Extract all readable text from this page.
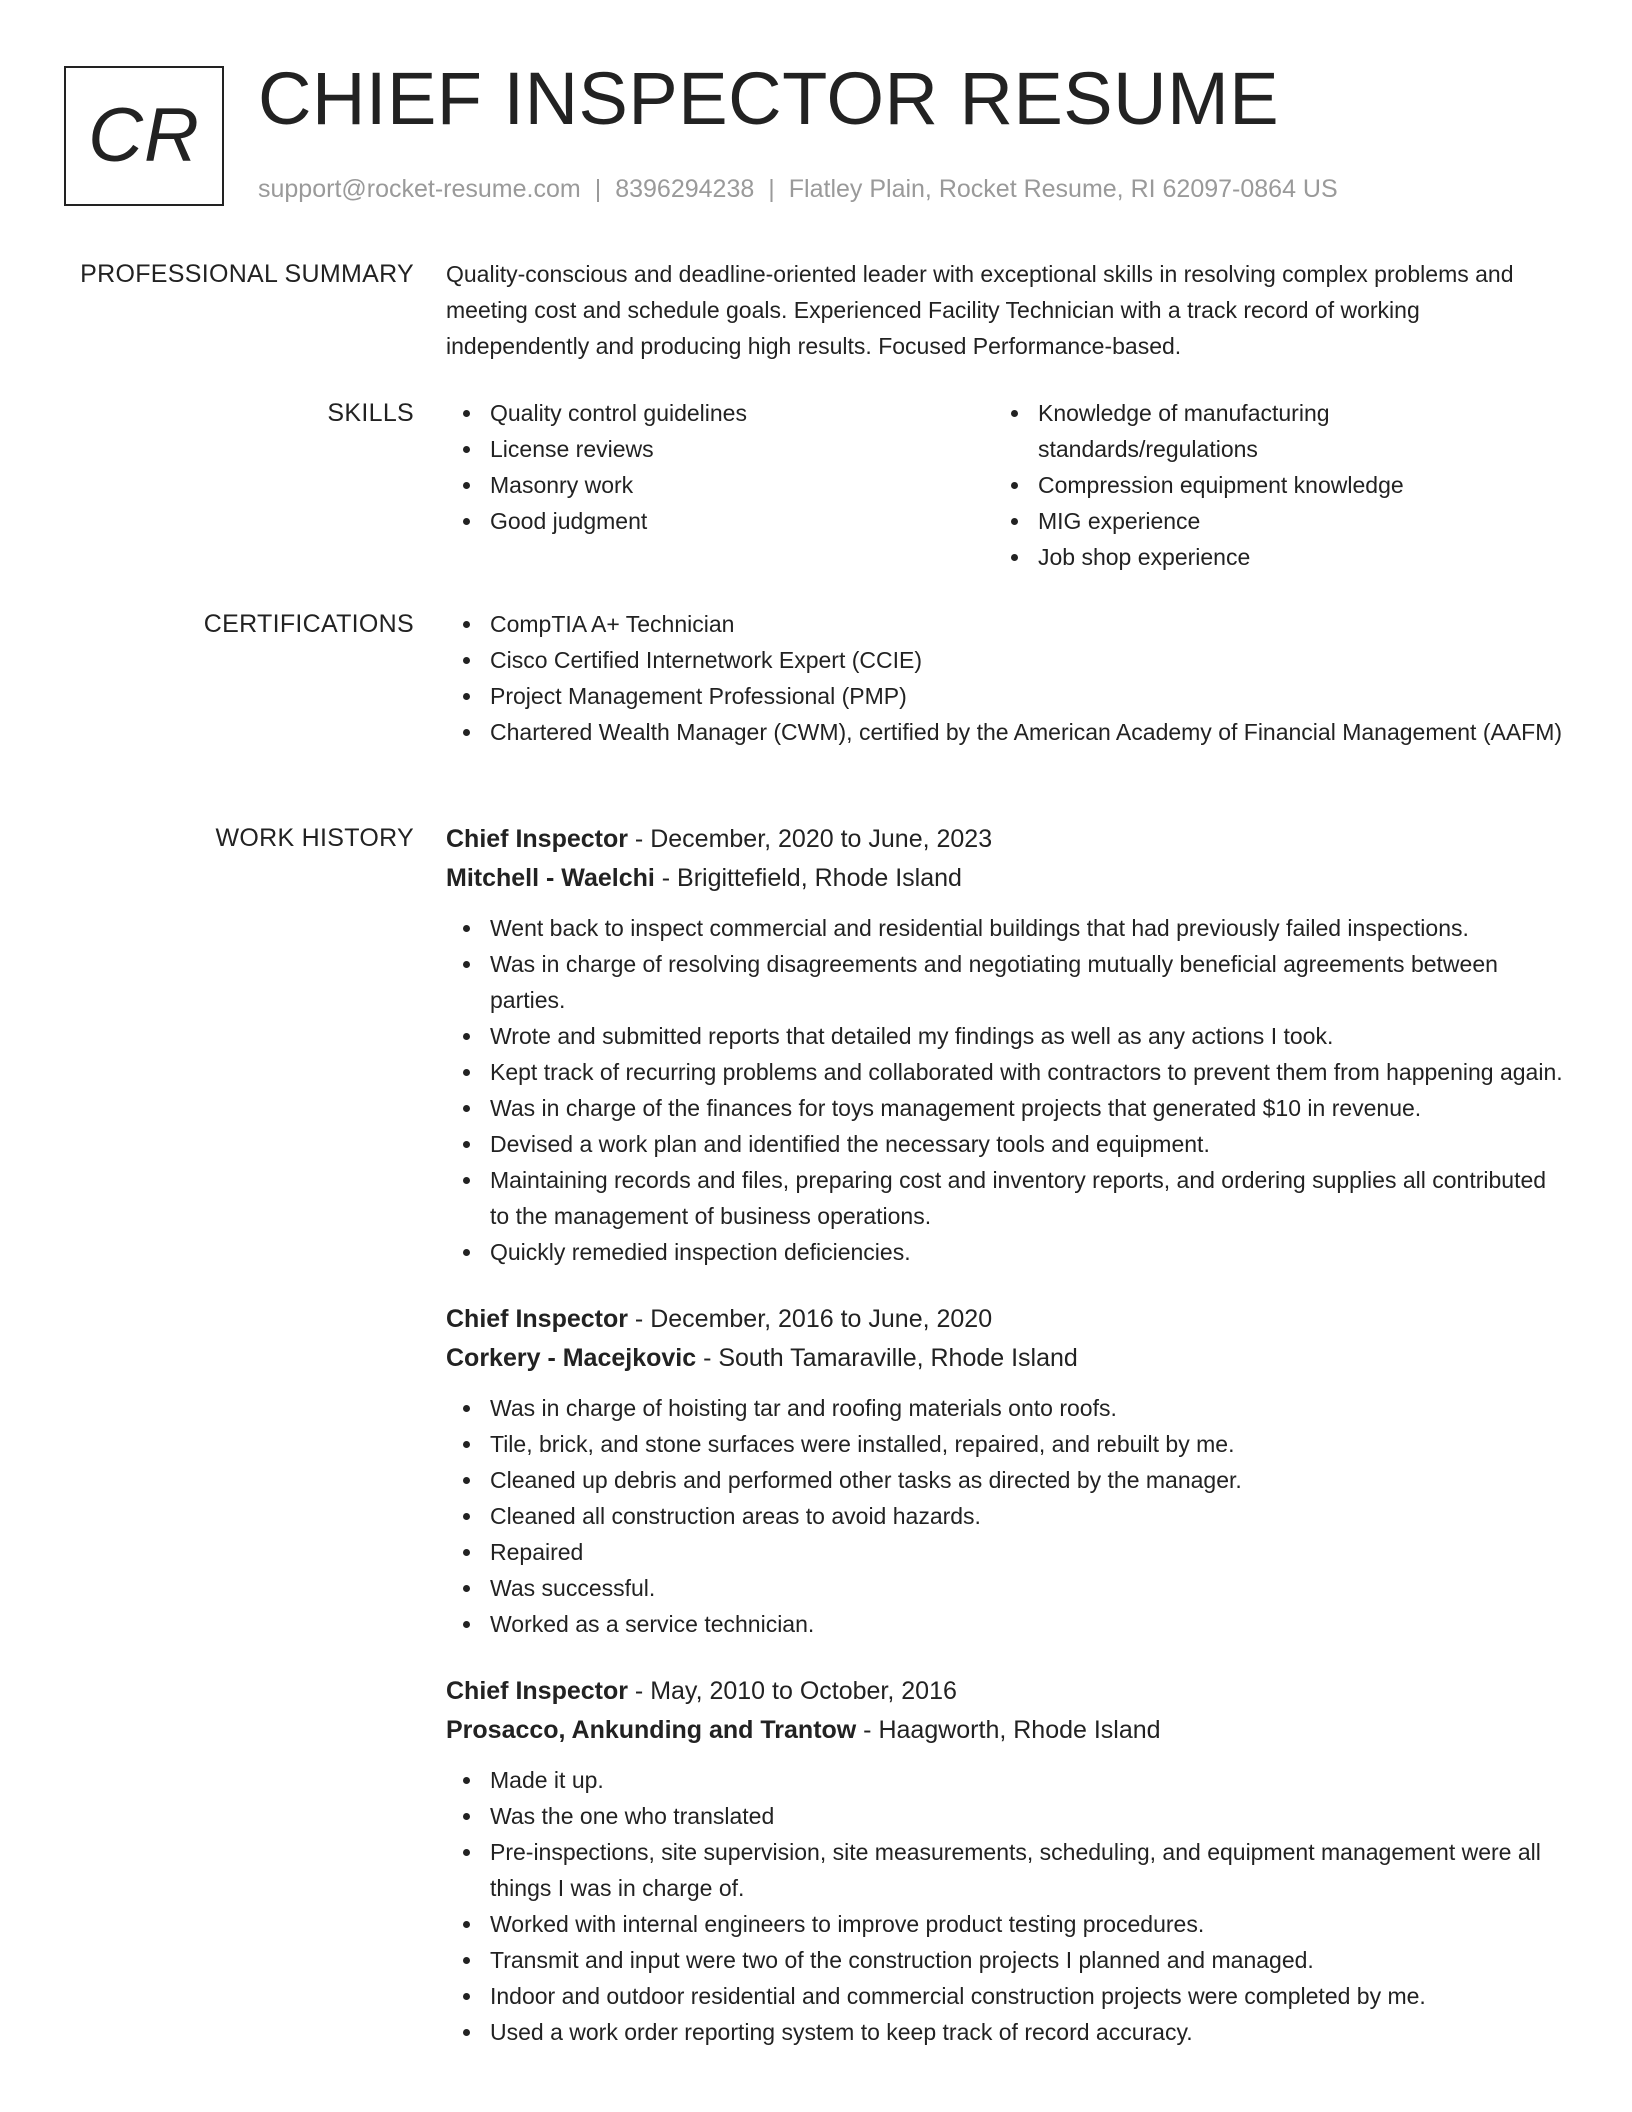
CR CHIEF INSPECTOR RESUME
support@rocket-resume.com | 8396294238 | Flatley Plain, Rocket Resume, RI 62097-0864 US
PROFESSIONAL SUMMARY Quality-conscious and deadline-oriented leader with exceptional skills in resolving complex problems and meeting cost and schedule goals. Experienced Facility Technician with a track record of working independently and producing high results. Focused Performance-based.

SKILLS	Quality control guidelines
License reviews
Masonry work
Good judgment
Knowledge of manufacturing standards/regulations
Compression equipment knowledge
MIG experience
Job shop experience
CERTIFICATIONS	CompTIA A+ Technician
Cisco Certified Internetwork Expert (CCIE)
Project Management Professional (PMP)
Chartered Wealth Manager (CWM), certified by the American Academy of Financial Management (AAFM)
WORK HISTORY Chief Inspector - December, 2020 to June, 2023
Mitchell - Waelchi - Brigittefield, Rhode Island
Went back to inspect commercial and residential buildings that had previously failed inspections.
Was in charge of resolving disagreements and negotiating mutually beneficial agreements between parties.
Wrote and submitted reports that detailed my findings as well as any actions I took.
Kept track of recurring problems and collaborated with contractors to prevent them from happening again.
Was in charge of the finances for toys management projects that generated $10 in revenue.
Devised a work plan and identified the necessary tools and equipment.
Maintaining records and files, preparing cost and inventory reports, and ordering supplies all contributed to the management of business operations.
Quickly remedied inspection deficiencies.
Chief Inspector - December, 2016 to June, 2020
Corkery - Macejkovic - South Tamaraville, Rhode Island
Was in charge of hoisting tar and roofing materials onto roofs.
Tile, brick, and stone surfaces were installed, repaired, and rebuilt by me.
Cleaned up debris and performed other tasks as directed by the manager.
Cleaned all construction areas to avoid hazards.
Repaired
Was successful.
Worked as a service technician.
Chief Inspector - May, 2010 to October, 2016
Prosacco, Ankunding and Trantow - Haagworth, Rhode Island
Made it up.
Was the one who translated
Pre-inspections, site supervision, site measurements, scheduling, and equipment management were all things I was in charge of.
Worked with internal engineers to improve product testing procedures.
Transmit and input were two of the construction projects I planned and managed.
Indoor and outdoor residential and commercial construction projects were completed by me.
Used a work order reporting system to keep track of record accuracy.
